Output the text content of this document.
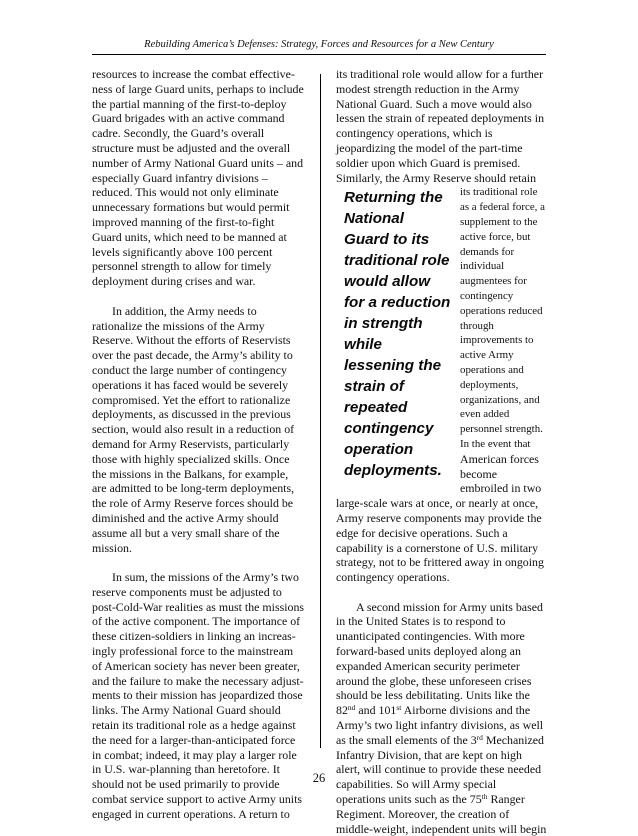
Rebuilding America’s Defenses: Strategy, Forces and Resources for a New Century

resources to increase the combat effective-ness of large Guard units, perhaps to include the partial manning of the first-to-deploy Guard brigades with an active command cadre. Secondly, the Guard’s overall structure must be adjusted and the overall number of Army National Guard units – and especially Guard infantry divisions – reduced. This would not only eliminate unnecessary formations but would permit improved manning of the first-to-fight Guard units, which need to be manned at levels significantly above 100 percent personnel strength to allow for timely deployment during crises and war.

In addition, the Army needs to rationalize the missions of the Army Reserve. Without the efforts of Reservists over the past decade, the Army’s ability to conduct the large number of contingency operations it has faced would be severely compromised. Yet the effort to rationalize deployments, as discussed in the previous section, would also result in a reduction of demand for Army Reservists, particularly those with highly specialized skills. Once the missions in the Balkans, for example, are admitted to be long-term deployments, the role of Army Reserve forces should be diminished and the active Army should assume all but a very small share of the mission.

In sum, the missions of the Army’s two reserve components must be adjusted to post-Cold-War realities as must the missions of the active component. The importance of these citizen-soldiers in linking an increas-ingly professional force to the mainstream of American society has never been greater, and the failure to make the necessary adjust-ments to their mission has jeopardized those links. The Army National Guard should retain its traditional role as a hedge against the need for a larger-than-anticipated force in combat; indeed, it may play a larger role in U.S. war-planning than heretofore. It should not be used primarily to provide combat service support to active Army units engaged in current operations. A return to

its traditional role would allow for a further modest strength reduction in the Army National Guard. Such a move would also lessen the strain of repeated deployments in contingency operations, which is jeopardizing the model of the part-time soldier upon which Guard is premised. Similarly, the Army Reserve should retain

Returning the National Guard to its traditional role would allow for a reduction in strength while lessening the strain of repeated contingency operation deployments.

its traditional role as a federal force, a supplement to the active force, but demands for individual augmentees for contingency operations reduced through improvements to active Army operations and deployments, organizations, and even added personnel strength. In the event that

American forces become embroiled in two large-scale wars at once, or nearly at once, Army reserve components may provide the edge for decisive operations. Such a capability is a cornerstone of U.S. military strategy, not to be frittered away in ongoing contingency operations.

A second mission for Army units based in the United States is to respond to unanticipated contingencies. With more forward-based units deployed along an expanded American security perimeter around the globe, these unforeseen crises should be less debilitating. Units like the 82nd and 101st Airborne divisions and the Army’s two light infantry divisions, as well as the small elements of the 3rd Mechanized Infantry Division, that are kept on high alert, will continue to provide these needed capabilities. So will Army special operations units such as the 75th Ranger Regiment. Moreover, the creation of middle-weight, independent units will begin

26
